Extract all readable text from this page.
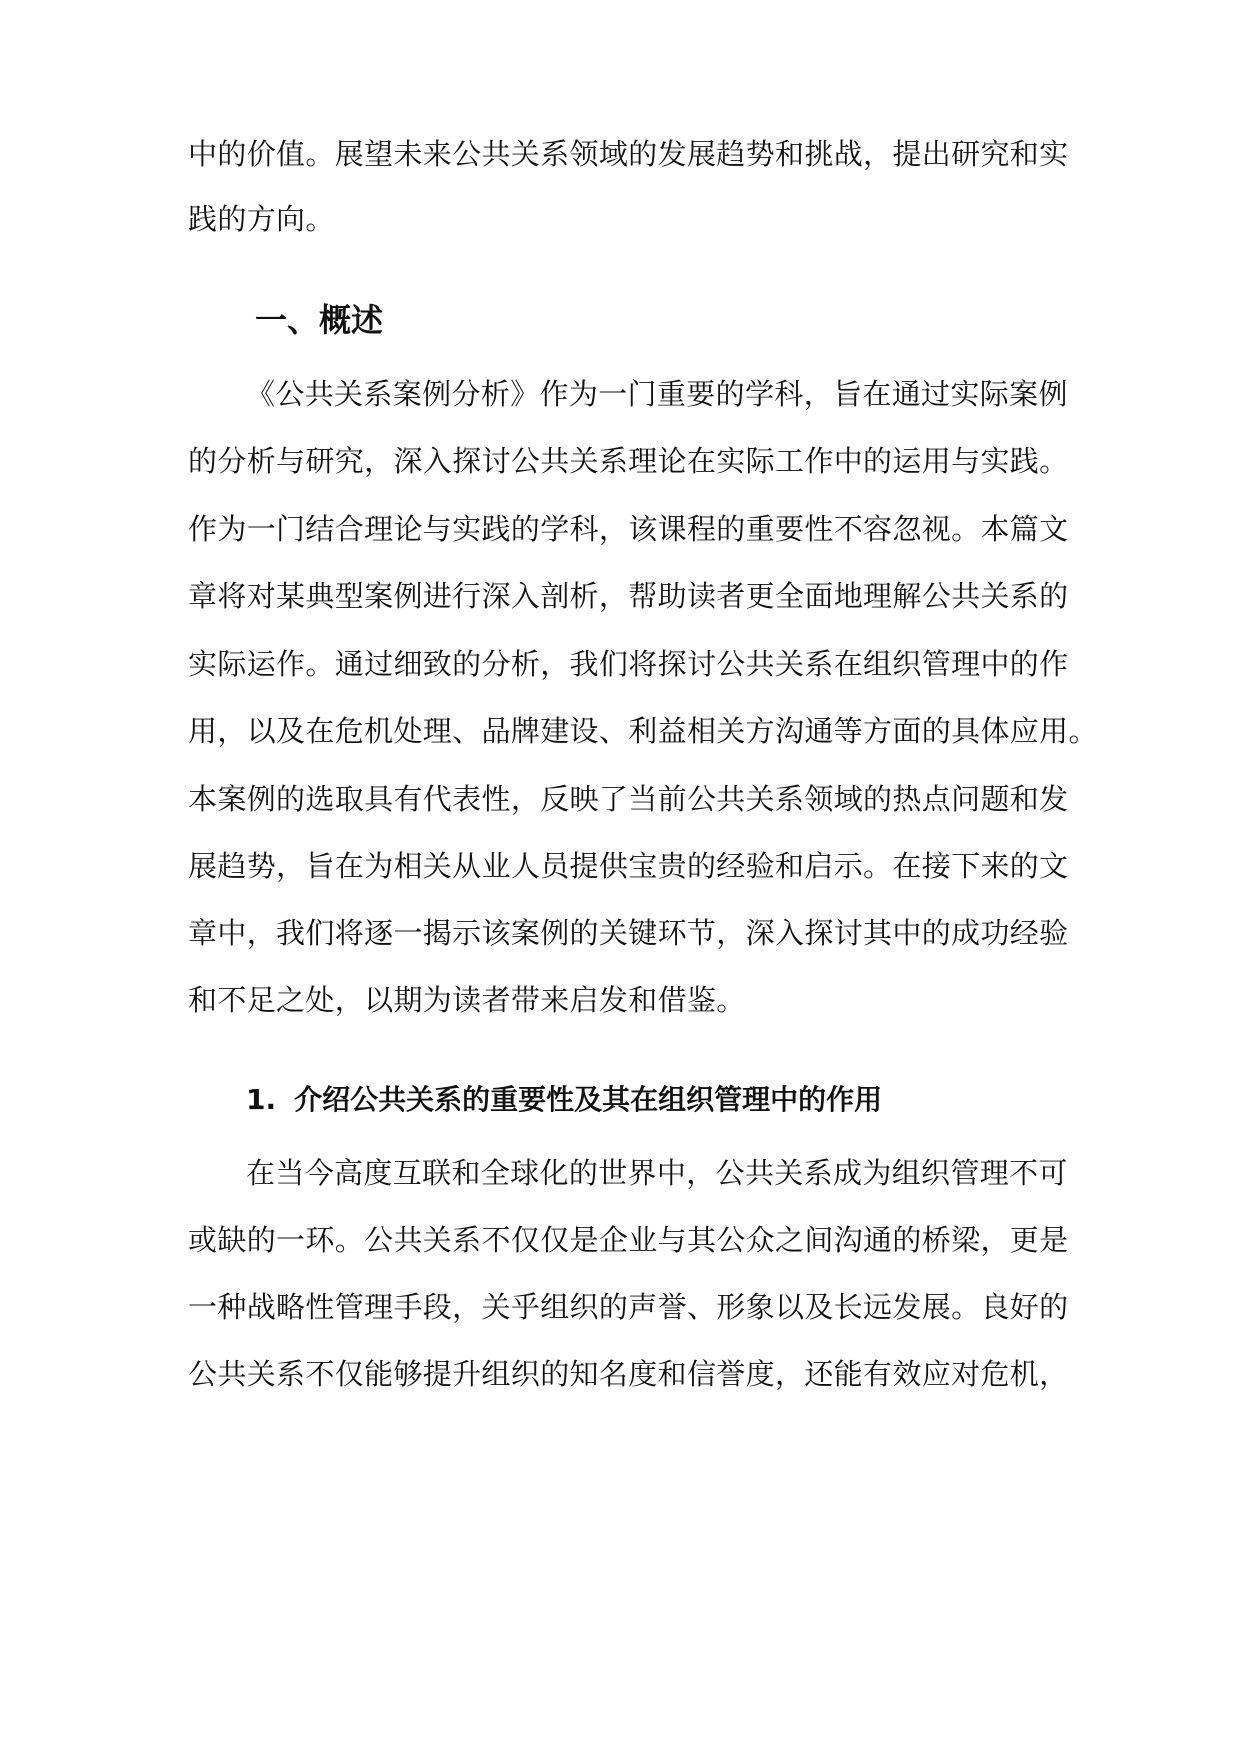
中的价值。展望未来公共关系领域的发展趋势和挑战，提出研究和实
践的方向。
一、概述
《公共关系案例分析》作为一门重要的学科，旨在通过实际案例
的分析与研究，深入探讨公共关系理论在实际工作中的运用与实践。
作为一门结合理论与实践的学科，该课程的重要性不容忽视。本篇文
章将对某典型案例进行深入剖析，帮助读者更全面地理解公共关系的
实际运作。通过细致的分析，我们将探讨公共关系在组织管理中的作
用，以及在危机处理、品牌建设、利益相关方沟通等方面的具体应用。
本案例的选取具有代表性，反映了当前公共关系领域的热点问题和发
展趋势，旨在为相关从业人员提供宝贵的经验和启示。在接下来的文
章中，我们将逐一揭示该案例的关键环节，深入探讨其中的成功经验
和不足之处，以期为读者带来启发和借鉴。
1. 介绍公共关系的重要性及其在组织管理中的作用
在当今高度互联和全球化的世界中，公共关系成为组织管理不可
或缺的一环。公共关系不仅仅是企业与其公众之间沟通的桥梁，更是
一种战略性管理手段，关乎组织的声誉、形象以及长远发展。良好的
公共关系不仅能够提升组织的知名度和信誉度，还能有效应对危机，
